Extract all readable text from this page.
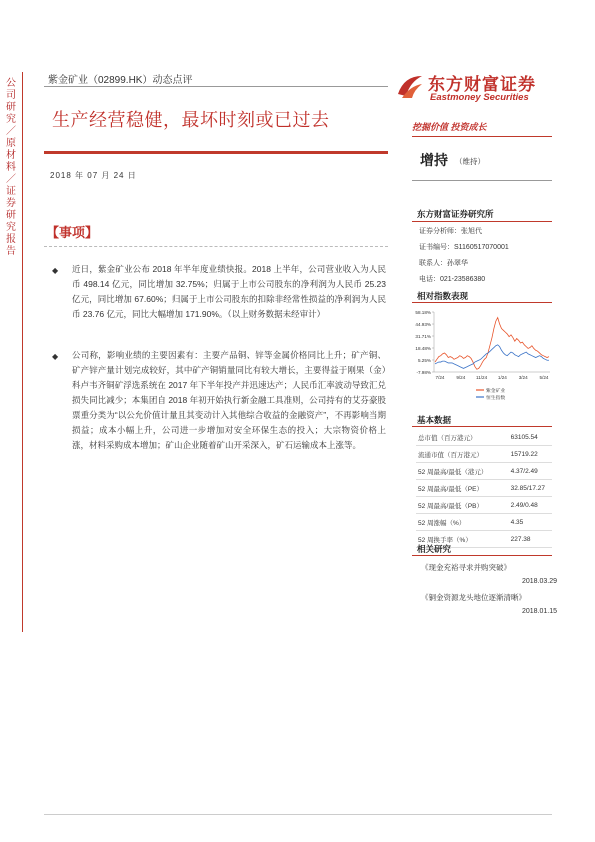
公司研究／原材料／证券研究报告
紫金矿业（02899.HK）动态点评
生产经营稳健，最坏时刻或已过去
2018 年 07 月 24 日
【事项】
◆ 近日，紫金矿业公布 2018 年半年度业绩快报。2018 上半年，公司营业收入为人民币 498.14 亿元，同比增加 32.75%；归属于上市公司股东的净利润为人民币 25.23 亿元，同比增加 67.60%；归属于上市公司股东的扣除非经常性损益的净利润为人民币 23.76 亿元，同比大幅增加 171.90%。（以上财务数据未经审计）
◆ 公司称，影响业绩的主要因素有：主要产品铜、锌等金属价格同比上升；矿产铜、矿产锌产量计划完成较好，其中矿产铜销量同比有较大增长，主要得益于刚果（金）科卢韦齐铜矿浮选系统在 2017 年下半年投产并迅速达产；人民币汇率波动导致汇兑损失同比减少；本集团自 2018 年初开始执行新金融工具准则，公司持有的艾芬豪股票重分类为“以公允价值计量且其变动计入其他综合收益的金融资产”，不再影响当期损益；成本小幅上升，公司进一步增加对安全环保生态的投入；大宗物资价格上涨，材料采购成本增加；矿山企业随着矿山开采深入，矿石运输成本上涨等。
东方财富证券
Eastmoney Securities
挖掘价值 投资成长
增持 （维持）
东方财富证券研究所
证券分析师：张旭代
证书编号：S1160517070001
联系人：孙翠华
电话：021-23586380
相对指数表现
58.18%
44.93%
31.71%
18.48%
5.25%
-7.98%
7/24	9/24 11/24 1/24	3/24	5/24
紫金矿业
恒生指数
基本数据
总市值（百万港元）	63105.54
流通市值（百万港元）	15719.22
52 周最高/最低（港元）	4.37/2.49
52 周最高/最低（PE）	32.85/17.27
52 周最高/最低（PB）	2.49/0.48
52 周涨幅（%）	4.35
52 周换手率（%）	227.38
相关研究
《现金充裕寻求并购突破》
2018.03.29
《铜金资源龙头地位逐渐清晰》
2018.01.15
